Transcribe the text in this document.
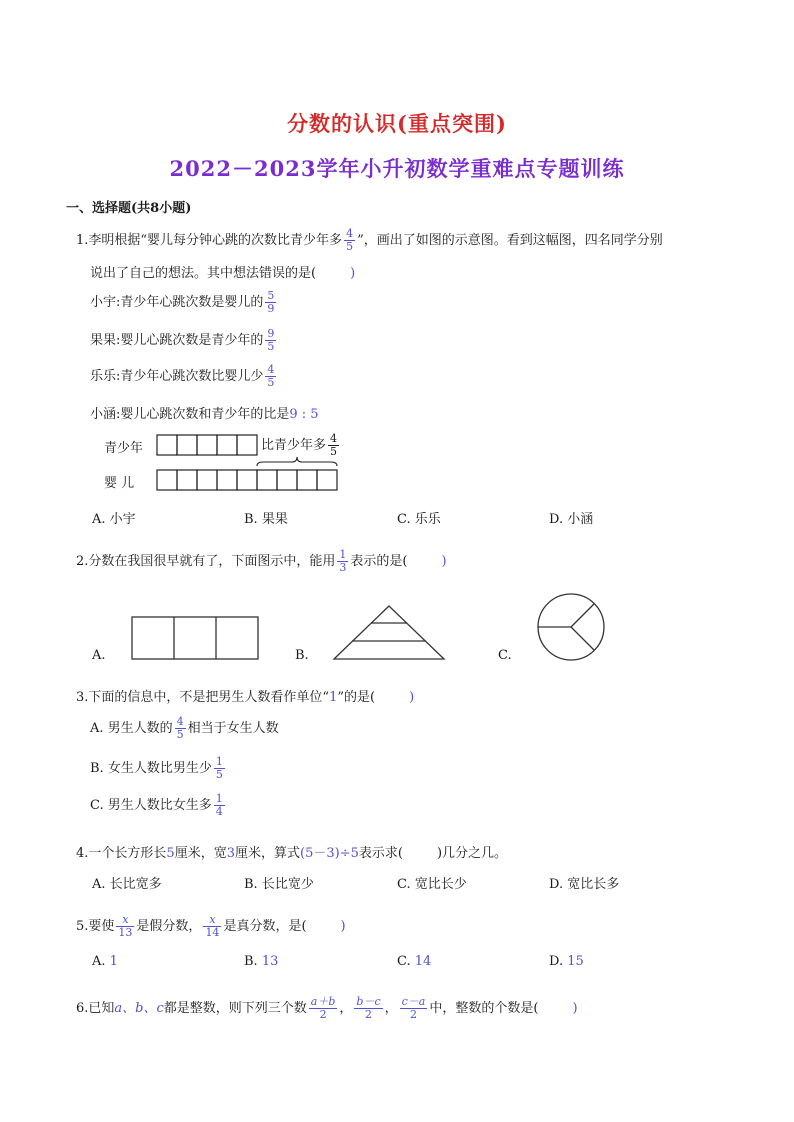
分数的认识(重点突围)
2022－2023学年小升初数学重难点专题训练
一、选择题(共8小题)
1.李明根据“婴儿每分钟心跳的次数比青少年多 $\frac{4}{5}$ ”，画出了如图的示意图。看到这幅图，四名同学分别
说出了自己的想法。其中想法错误的是(	)
小宇:青少年心跳次数是婴儿的 $\frac{5}{9}$
果果:婴儿心跳次数是青少年的 $\frac{9}{5}$
乐乐:青少年心跳次数比婴儿少 $\frac{4}{5}$
小涵:婴儿心跳次数和青少年的比是9 : 5
青少年
婴 儿
比青少年多 $\frac{4}{5}$
A. 小宇	B. 果果	C. 乐乐	D. 小涵
2.分数在我国很早就有了，下面图示中，能用 $\frac{1}{3}$ 表示的是(	)
A.	B.	C.
3.下面的信息中，不是把男生人数看作单位“1”的是(	)
A. 男生人数的 $\frac{4}{5}$ 相当于女生人数
B. 女生人数比男生少 $\frac{1}{5}$
C. 男生人数比女生多 $\frac{1}{4}$
4.一个长方形长5厘米，宽3厘米，算式(5－3)÷5表示求(	)几分之几。
A. 长比宽多	B. 长比宽少	C. 宽比长少	D. 宽比长多
5.要使 $\frac{x}{13}$ 是假分数， $\frac{x}{14}$ 是真分数，是(	)
A. 1	B. 13	C. 14	D. 15
6.已知a、b、c都是整数，则下列三个数 $\frac{a+b}{2}$ ， $\frac{b-c}{2}$ ， $\frac{c-a}{2}$ 中，整数的个数是(	)
